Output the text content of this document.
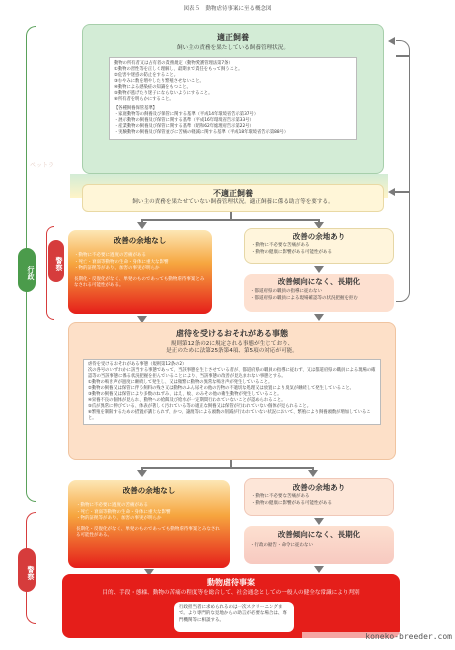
図表５　動物虐待事案に至る概念図
行政
警察
警察
ペットラ
適正飼養
飼い主の責務を果たしている飼養管理状況。
動物の所有者又は占有者の責務規定（動物愛護管理法第7条）
①動物の習性等を正しく理解し、最期まで責任をもって飼うこと。
②危害や迷惑の防止をすること。
③むやみに数を増やしたり繁殖させないこと。
④動物による感染症の知識をもつこと。
⑤動物が逃げたり迷子にならないようにすること。
⑥所有者を明らかにすること。
【各種飼養保管基準】
・家庭動物等の飼養及び保管に関する基準（平成14年環境省告示第37号）
・展示動物の飼養及び保管に関する基準（平成16年環境省告示第33号）
・産業動物の飼養及び保管に関する基準（昭和62年総理府告示第22号）
・実験動物の飼養及び保管並びに苦痛の軽減に関する基準（平成18年環境省告示第88号）
不適正飼養
飼い主の責務を果たせていない飼養管理状況。適正飼養に係る助言等を要する。
改善の余地なし
・動物に不必要に過度の苦痛がある
・死亡・衰弱等動物の生命・身体に重大な影響
・物的証拠等があり、加害の事実が明らか
長期化・反復化がなく、単発のものであっても動物虐待事案とみなされる可能性がある。
改善の余地あり
・動物に不必要な苦痛がある
・動物の健康に影響がある可能性がある
改善傾向になく、長期化
・都道府県の職員の指導に従わない
・都道府県の職員による現場確認等の状況把握を拒む
虐待を受けるおそれがある事態
規則第12条の2に規定される事態が生じており、
是正のために法第25条第4項、第5項の対応が可能。
虐待を受けるおそれがある事態（規則第12条の2）
次の各号のいずれかに該当する事態であって、当該事態を生じさせている者が、都道府県の職員の指導に従わず、又は都道府県の職員による現場の確認等の当該事態に係る状況把握を拒んでいることにより、当該事態の改善が見込まれない事態とする。
①動物の鳴き声が過度に継続して発生し、又は頻繁に動物の異常な鳴き声が発生していること。
②動物の飼養又は保管に伴う飼料の残さ又は動物のふん尿その他の汚物の不適切な処理又は放置により臭気が継続して発生していること。
③動物の飼養又は保管により多数のねずみ、はえ、蚊、のみその他の衛生動物が発生していること。
④栄養不良の個体が見られ、動物への給餌及び給水が一定期間行われていないことが認められること。
⑤爪が異常に伸びている、体表が著しく汚れている等の適正な飼養又は保管が行われていない個体が見られること。
⑥繁殖を制限するための措置が講じられず、かつ、譲渡等による頭数の削減が行われていない状況において、繁殖により飼養頭数が増加していること。
改善の余地なし
・動物に不必要に過度の苦痛がある
・死亡・衰弱等動物の生命・身体に重大な影響
・物的証拠等があり、加害の事実が明らか
長期化・反復化がなく、単発のものであっても動物虐待事案とみなされる可能性がある。
改善の余地あり
・動物に不必要な苦痛がある
・動物の健康に影響がある可能性がある
改善傾向になく、長期化
・行政の勧告・命令に従わない
動物虐待事案
目的、手段・態様、動物の苦痛の程度等を総合して、社会通念としての一般人の健全な常識により判別
行政担当者に求められるのは一次スクリーニングまで。より専門的な見地からの助言が必要な場合は、専門機関等に相談する。
koneko-breeder.com
